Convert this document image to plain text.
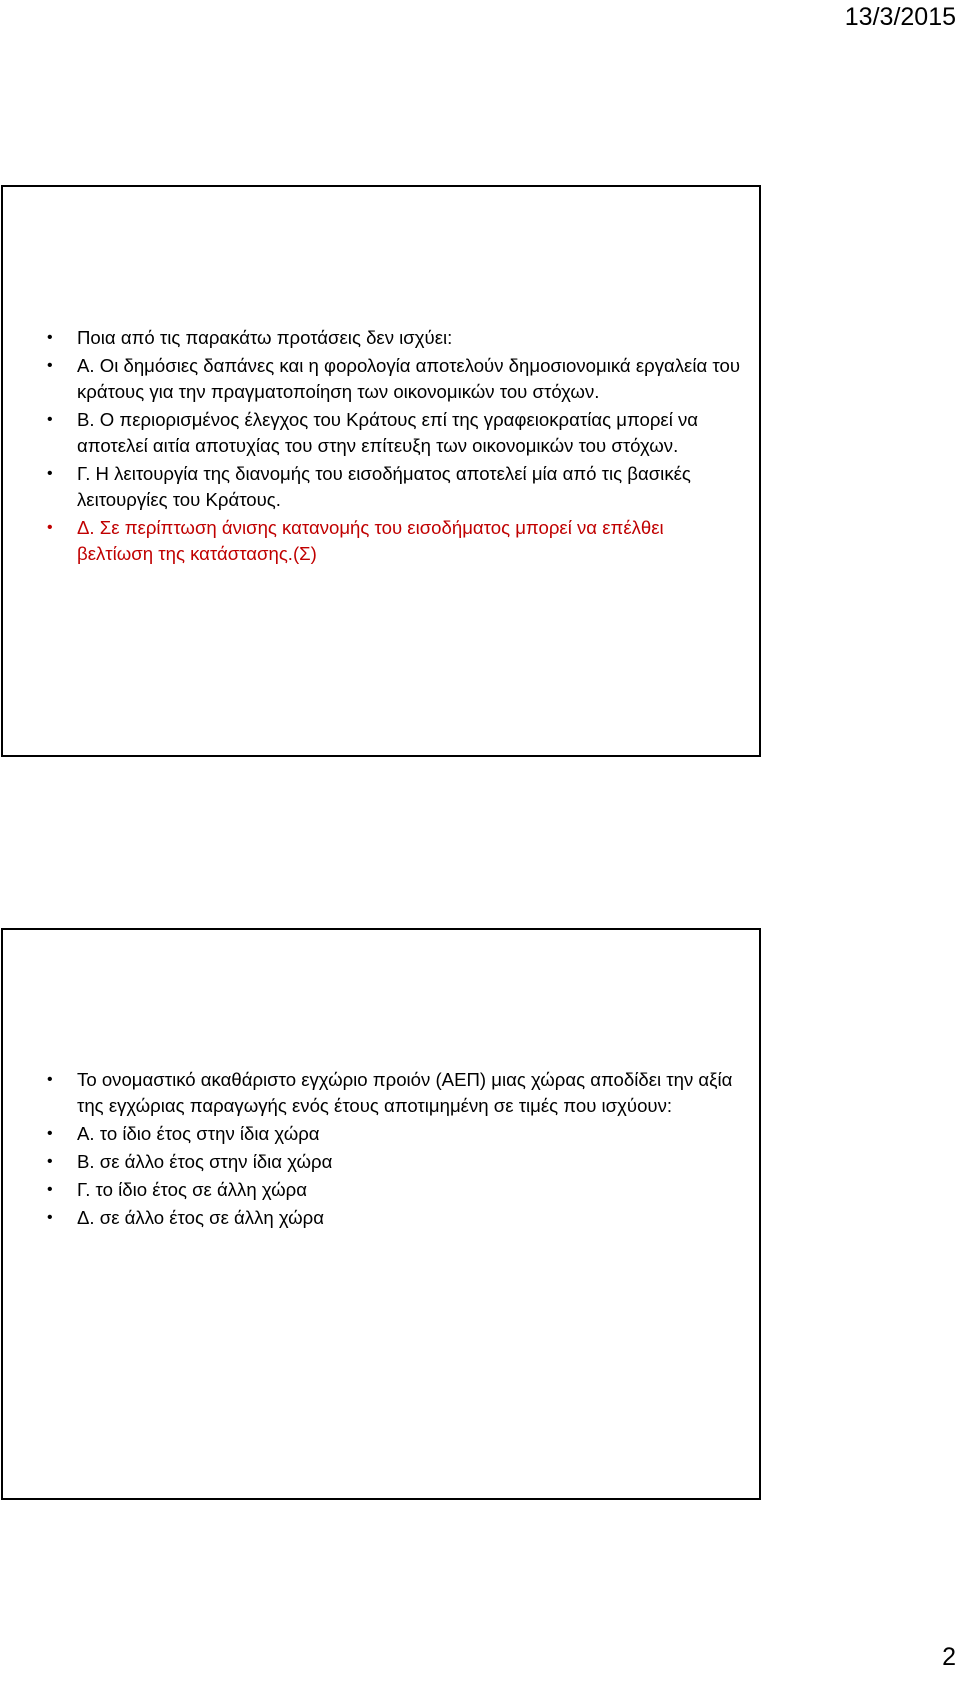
13/3/2015
•	Ποια από τις παρακάτω προτάσεις δεν ισχύει:
•	Α. Οι δημόσιες δαπάνες και η φορολογία αποτελούν δημοσιονομικά εργαλεία του κράτους για την πραγματοποίηση των οικονομικών του στόχων.
•	Β. Ο περιορισμένος έλεγχος του Κράτους επί της γραφειοκρατίας μπορεί να αποτελεί αιτία αποτυχίας του στην επίτευξη των οικονομικών του στόχων.
•	Γ. Η λειτουργία της διανομής του εισοδήματος αποτελεί μία από τις βασικές λειτουργίες του Κράτους.
•	Δ. Σε περίπτωση άνισης κατανομής του εισοδήματος μπορεί να επέλθει βελτίωση της κατάστασης.(Σ)
•	Το ονομαστικό ακαθάριστο εγχώριο προιόν (ΑΕΠ) μιας χώρας αποδίδει την αξία της εγχώριας παραγωγής ενός έτους αποτιμημένη σε τιμές που ισχύουν:
•	Α. το ίδιο έτος στην ίδια χώρα
•	Β. σε άλλο έτος στην ίδια χώρα
•	Γ. το ίδιο έτος σε άλλη χώρα
•	Δ. σε άλλο έτος σε άλλη χώρα
2
